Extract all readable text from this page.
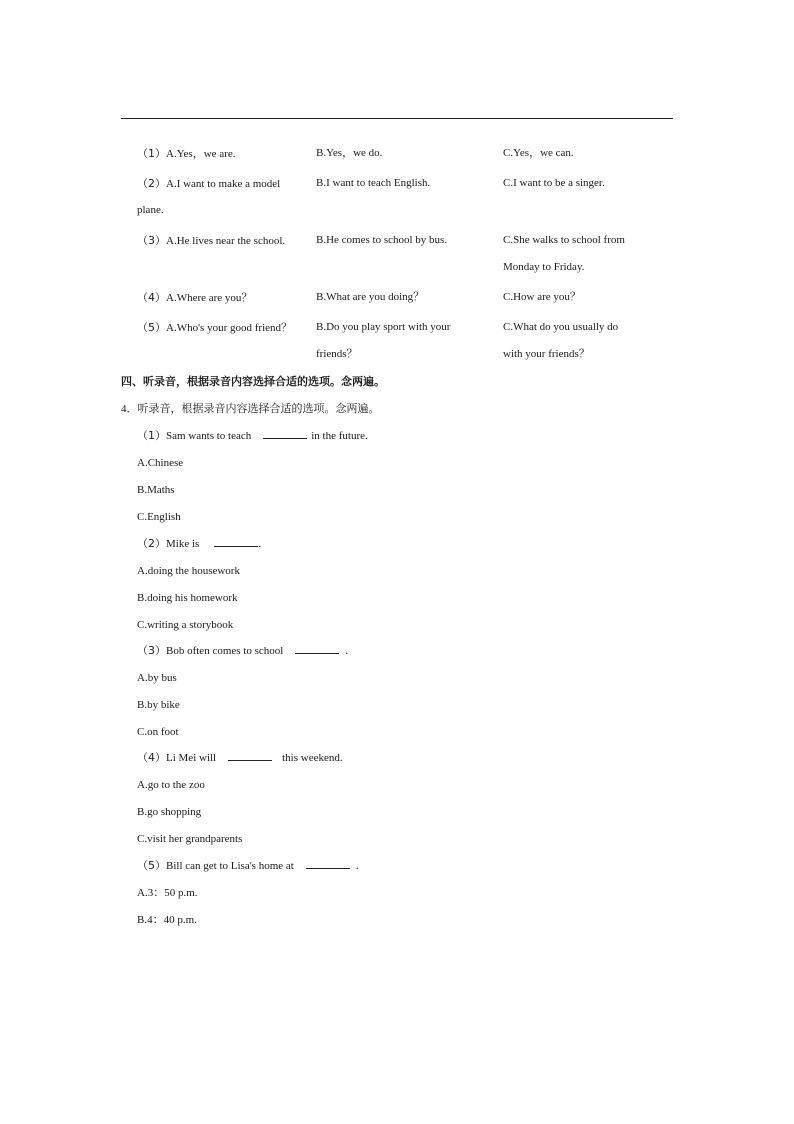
（1）A.Yes，we are.	B.Yes，we do.	C.Yes，we can.
（2）A.I want to make a model	B.I want to teach English.	C.I want to be a singer.
plane.
（3）A.He lives near the school.	B.He comes to school by bus.	C.She walks to school from
Monday to Friday.
（4）A.Where are you？	B.What are you doing？	C.How are you？
（5）A.Who's your good friend？ B.Do you play sport with your	C.What do you usually do
friends？	with your friends？
四、听录音，根据录音内容选择合适的选项。念两遍。
4．听录音，根据录音内容选择合适的选项。念两遍。
（1）Sam wants to teach	in the future.
A.Chinese
B.Maths
C.English
（2）Mike is	.
A.doing the housework
B.doing his homework
C.writing a storybook
（3）Bob often comes to school	.
A.by bus
B.by bike
C.on foot
（4）Li Mei will	this weekend.
A.go to the zoo
B.go shopping
C.visit her grandparents
（5）Bill can get to Lisa's home at	.
A.3：50 p.m.
B.4：40 p.m.
